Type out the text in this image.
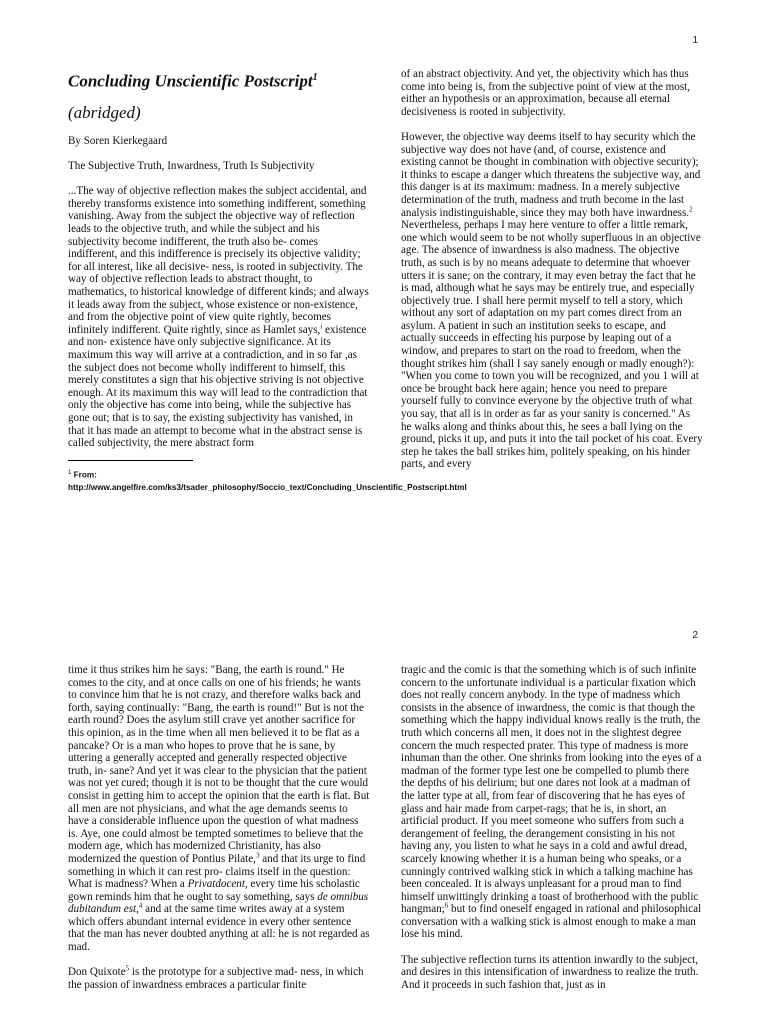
1

Concluding Unscientific Postscript$^1$

(abridged)

By Soren Kierkegaard

The Subjective Truth, Inwardness, Truth Is Subjectivity

...The way of objective reflection makes the subject accidental, and thereby transforms existence into something indifferent, something vanishing. Away from the subject the objective way of reflection leads to the objective truth, and while the subject and his subjectivity become indifferent, the truth also be- comes indifferent, and this indifference is precisely its objective validity; for all interest, like all decisive- ness, is rooted in subjectivity. The way of objective reflection leads to abstract thought, to mathematics, to historical knowledge of different kinds; and always it leads away from the subject, whose existence or non-existence, and from the objective point of view quite rightly, becomes infinitely indifferent. Quite rightly, since as Hamlet says,$^i$ existence and non- existence have only subjective significance. At its maximum this way will arrive at a contradiction, and in so far ,as the subject does not become wholly indifferent to himself, this merely constitutes a sign that his objective striving is not objective enough. At its maximum this way will lead to the contradiction that only the objective has come into being, while the subjective has gone out; that is to say, the existing subjectivity has vanished, in that it has made an attempt to become what in the abstract sense is called subjectivity, the mere abstract form

$^1$ From:
http://www.angelfire.com/ks3/tsader_philosophy/Soccio_text/Concluding_Unscientific_Postscript.html

of an abstract objectivity. And yet, the objectivity which has thus come into being is, from the subjective point of view at the most, either an hypothesis or an approximation, because all eternal decisiveness is rooted in subjectivity.

However, the objective way deems itself to hay security which the subjective way does not have (and, of course, existence and existing cannot be thought in combination with objective security); it thinks to escape a danger which threatens the subjective way, and this danger is at its maximum: madness. In a merely subjective determination of the truth, madness and truth become in the last analysis indistinguishable, since they may both have inwardness.$^2$ Nevertheless, perhaps I may here venture to offer a little remark, one which would seem to be not wholly superfluous in an objective age. The absence of inwardness is also madness. The objective truth, as such is by no means adequate to determine that whoever utters it is sane; on the contrary, it may even betray the fact that he is mad, although what he says may be entirely true, and especially objectively true. I shall here permit myself to tell a story, which without any sort of adaptation on my part comes direct from an asylum. A patient in such an institution seeks to escape, and actually succeeds in effecting his purpose by leaping out of a window, and prepares to start on the road to freedom, when the thought strikes him (shall I say sanely enough or madly enough?): "When you come to town you will be recognized, and you 1 will at once be brought back here again; hence you need to prepare yourself fully to convince everyone by the objective truth of what you say, that all is in order as far as your sanity is concerned." As he walks along and thinks about this, he sees a ball lying on the ground, picks it up, and puts it into the tail pocket of his coat. Every step he takes the ball strikes him, politely speaking, on his hinder parts, and every

2

time it thus strikes him he says: "Bang, the earth is round." He comes to the city, and at once calls on one of his friends; he wants to convince him that he is not crazy, and therefore walks back and forth, saying continually: "Bang, the earth is round!" But is not the earth round? Does the asylum still crave yet another sacrifice for this opinion, as in the time when all men believed it to be flat as a pancake? Or is a man who hopes to prove that he is sane, by uttering a generally accepted and generally respected objective truth, in- sane? And yet it was clear to the physician that the patient was not yet cured; though it is not to be thought that the cure would consist in getting him to accept the opinion that the earth is flat. But all men are not physicians, and what the age demands seems to have a considerable influence upon the question of what madness is. Aye, one could almost be tempted sometimes to believe that the modern age, which has modernized Christianity, has also modernized the question of Pontius Pilate,$^3$ and that its urge to find something in which it can rest pro- claims itself in the question: What is madness? When a Privatdocent, every time his scholastic gown reminds him that he ought to say something, says de omnibus dubitandum est,$^4$ and at the same time writes away at a system which offers abundant internal evidence in every other sentence that the man has never doubted anything at all: he is not regarded as mad.

Don Quixote$^5$ is the prototype for a subjective mad- ness, in which the passion of inwardness embraces a particular finite

tragic and the comic is that the something which is of such infinite concern to the unfortunate individual is a particular fixation which does not really concern anybody. In the type of madness which consists in the absence of inwardness, the comic is that though the something which the happy individual knows really is the truth, the truth which concerns all men, it does not in the slightest degree concern the much respected prater. This type of madness is more inhuman than the other. One shrinks from looking into the eyes of a madman of the former type lest one be compelled to plumb there the depths of his delirium; but one dares not look at a madman of the latter type at all, from fear of discovering that he has eyes of glass and hair made from carpet-rags; that he is, in short, an artificial product. If you meet someone who suffers from such a derangement of feeling, the derangement consisting in his not having any, you listen to what he says in a cold and awful dread, scarcely knowing whether it is a human being who speaks, or a cunningly contrived walking stick in which a talking machine has been concealed. It is always unpleasant for a proud man to find himself unwittingly drinking a toast of brotherhood with the public hangman;$^6$ but to find oneself engaged in rational and philosophical conversation with a walking stick is almost enough to make a man lose his mind.

The subjective reflection turns its attention inwardly to the subject, and desires in this intensification of inwardness to realize the truth. And it proceeds in such fashion that, just as in
